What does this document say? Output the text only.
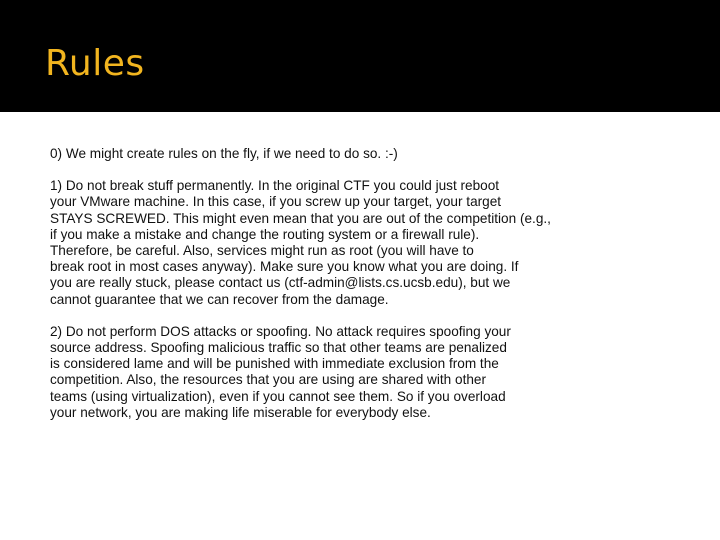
Rules

0) We might create rules on the fly, if we need to do so. :-)

1) Do not break stuff permanently. In the original CTF you could just reboot
your VMware machine. In this case, if you screw up your target, your target
STAYS SCREWED. This might even mean that you are out of the competition (e.g.,
if you make a mistake and change the routing system or a firewall rule).
Therefore, be careful. Also, services might run as root (you will have to
break root in most cases anyway). Make sure you know what you are doing. If
you are really stuck, please contact us (ctf-admin@lists.cs.ucsb.edu), but we
cannot guarantee that we can recover from the damage.

2) Do not perform DOS attacks or spoofing. No attack requires spoofing your
source address. Spoofing malicious traffic so that other teams are penalized
is considered lame and will be punished with immediate exclusion from the
competition. Also, the resources that you are using are shared with other
teams (using virtualization), even if you cannot see them. So if you overload
your network, you are making life miserable for everybody else.
